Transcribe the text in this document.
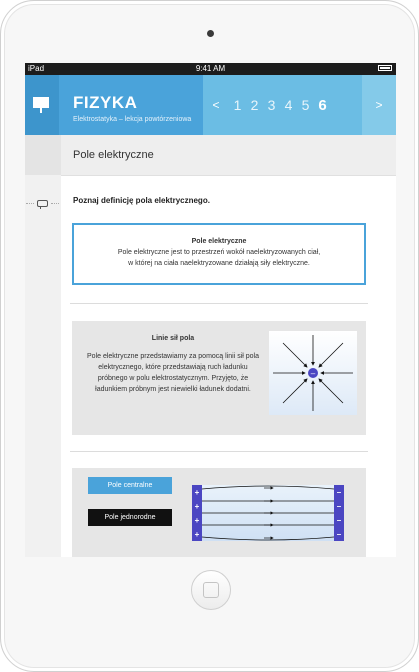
iPad	9:41 AM
FIZYKA
Elektrostatyka – lekcja powtórzeniowa
<	1 2 3 4 5 6	>
Pole elektryczne
Poznaj definicję pola elektrycznego.
Pole elektryczne
Pole elektryczne jest to przestrzeń wokół naelektryzowanych ciał,
w której na ciała naelektryzowane działają siły elektryczne.
Linie sił pola
Pole elektryczne przedstawiamy za pomocą linii sił pola elektrycznego, które przedstawiają ruch ładunku próbnego w polu elektrostatycznym. Przyjęto, że ładunkiem próbnym jest niewielki ładunek dodatni.
–
Pole centralne
Pole jednorodne
+
+
+
+
–
–
–
–
